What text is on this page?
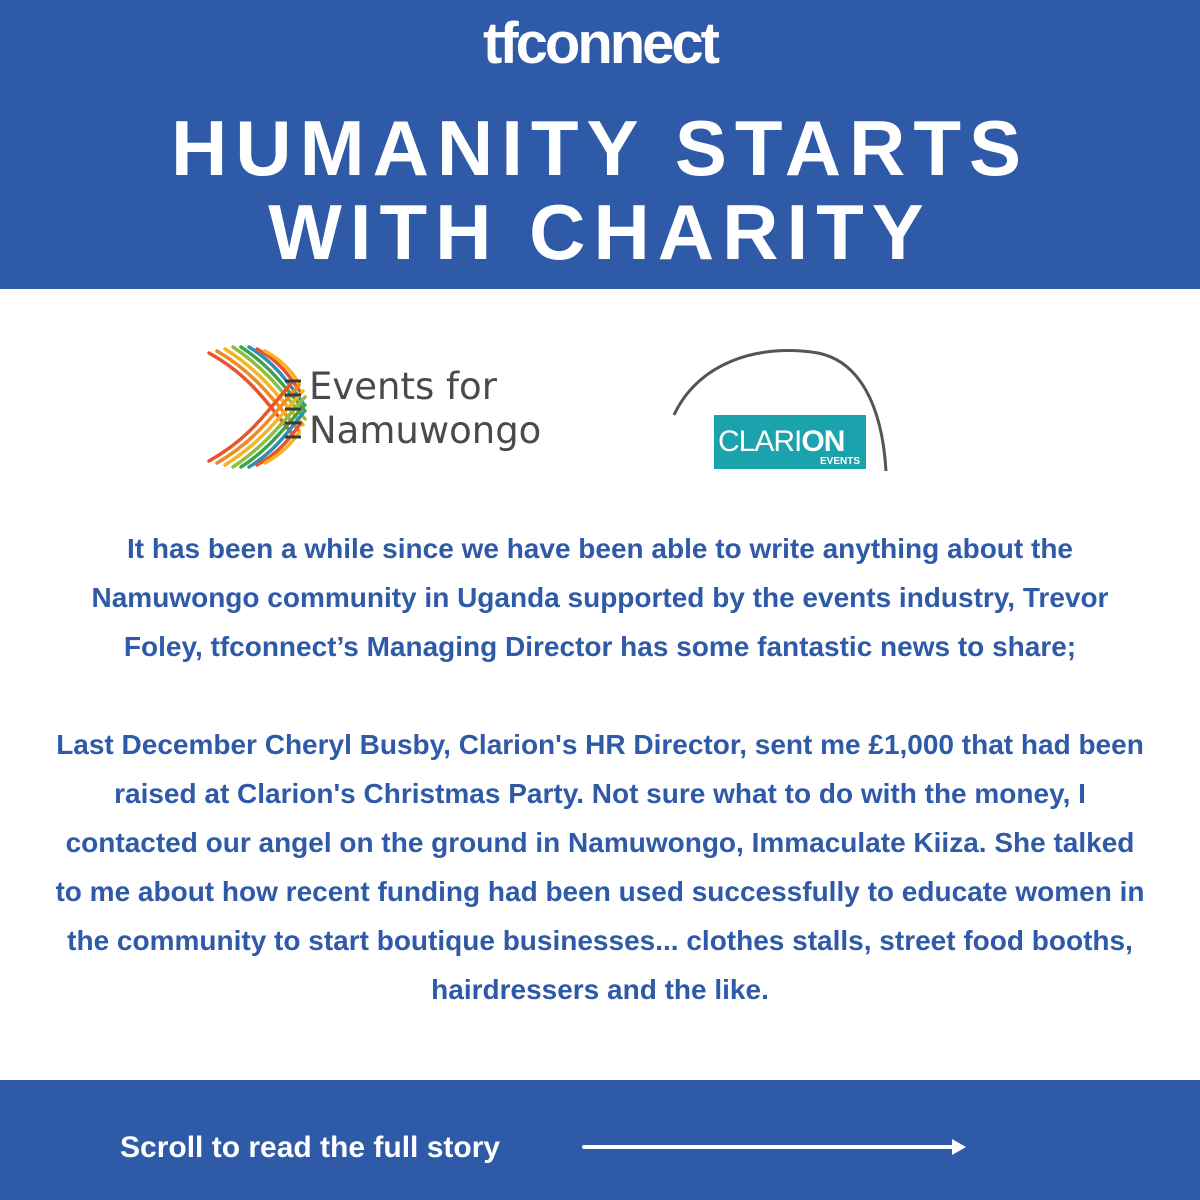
tfconnect
HUMANITY STARTS
WITH CHARITY
Events for
Namuwongo	CLARION
EVENTS

It has been a while since we have been able to write anything about the Namuwongo community in Uganda supported by the events industry, Trevor Foley, tfconnect’s Managing Director has some fantastic news to share;

Last December Cheryl Busby, Clarion's HR Director, sent me £1,000 that had been raised at Clarion's Christmas Party. Not sure what to do with the money, I contacted our angel on the ground in Namuwongo, Immaculate Kiiza. She talked to me about how recent funding had been used successfully to educate women in the community to start boutique businesses... clothes stalls, street food booths, hairdressers and the like.

Scroll to read the full story
